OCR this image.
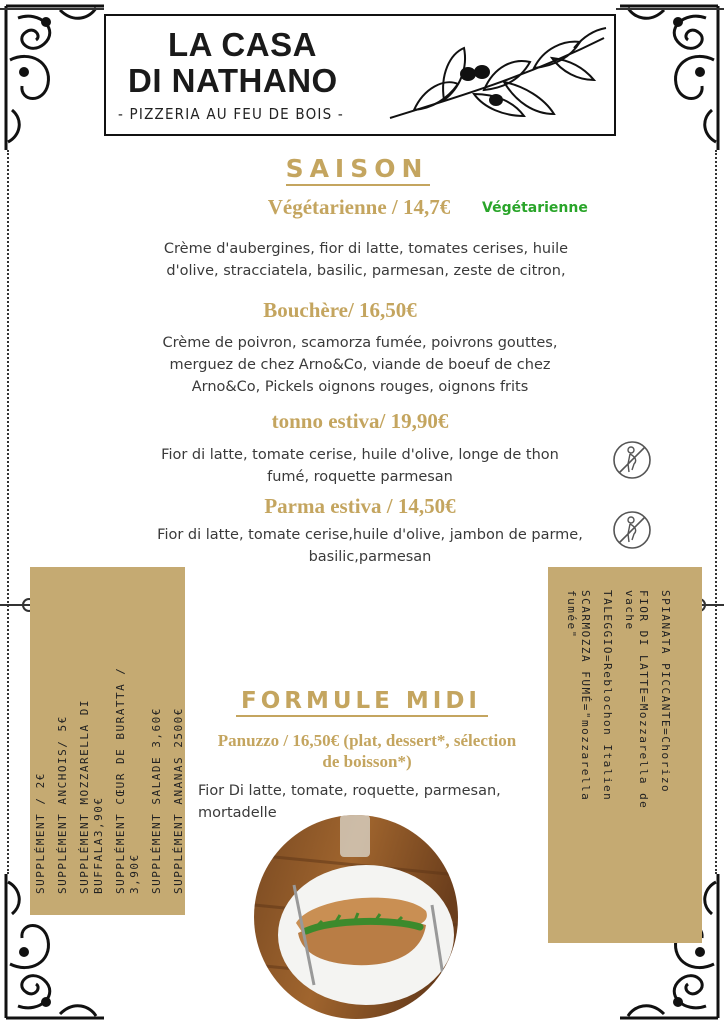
LA CASA
DI NATHANO
- PIZZERIA AU FEU DE BOIS -
SAISON
Végétarienne / 14,7€	Végétarienne
Crème d'aubergines, fior di latte, tomates cerises, huile
d'olive, stracciatela, basilic, parmesan, zeste de citron,
Bouchère/ 16,50€
Crème de poivron, scamorza fumée, poivrons gouttes,
merguez de chez Arno&Co, viande de boeuf de chez
Arno&Co, Pickels oignons rouges, oignons frits
tonno estiva/ 19,90€
Fior di latte, tomate cerise, huile d'olive, longe de thon
fumé, roquette parmesan
Parma estiva / 14,50€
Fior di latte, tomate cerise,huile d'olive, jambon de parme,
basilic,parmesan
SUPPLÉMENT / 2€ SUPPLÉMENT ANCHOIS/ 5€ SUPPLÉMENT MOZZARELLA DI BUFFALA3,90€ SUPPLÉMENT CŒUR DE BURATTA / 3,90€ SUPPLÉMENT SALADE 3,60€ SUPPLÉMENT ANANAS 2500€
SPIANATA PICCANTE=Chorizo
FIOR DI LATTE=Mozzarella de
vache
TALEGGIO=Reblochon Italien
SCARMOZZA FUMÉ="mozzarella
fumée"
FORMULE MIDI
Panuzzo / 16,50€ (plat, dessert*, sélection
de boisson*)
Fior Di latte, tomate, roquette, parmesan,
mortadelle
